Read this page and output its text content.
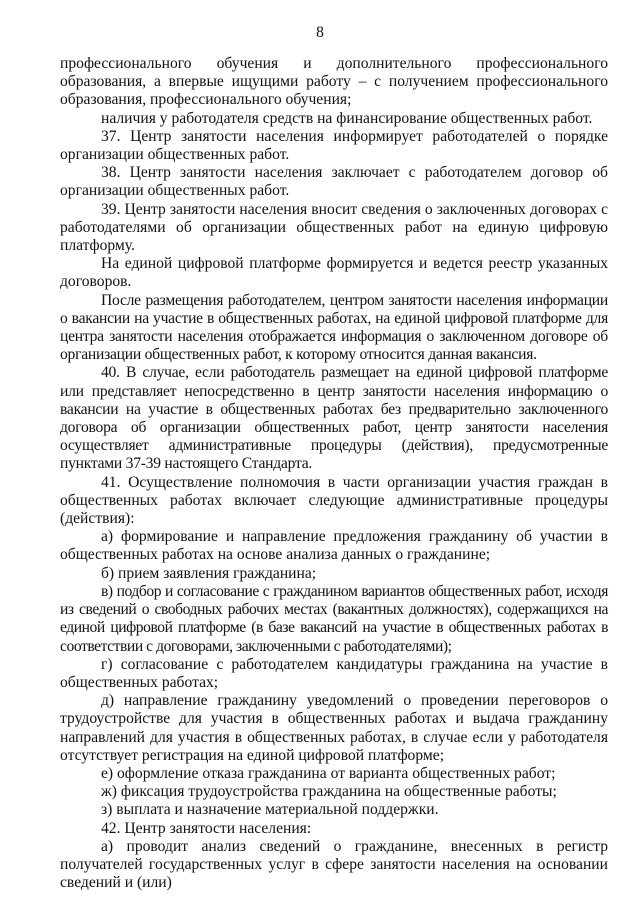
8

профессионального обучения и дополнительного профессионального образования, а впервые ищущими работу – с получением профессионального образования, профессионального обучения;

наличия у работодателя средств на финансирование общественных работ.

37. Центр занятости населения информирует работодателей о порядке организации общественных работ.

38. Центр занятости населения заключает с работодателем договор об организации общественных работ.

39. Центр занятости населения вносит сведения о заключенных договорах с работодателями об организации общественных работ на единую цифровую платформу.

На единой цифровой платформе формируется и ведется реестр указанных договоров.

После размещения работодателем, центром занятости населения информации о вакансии на участие в общественных работах, на единой цифровой платформе для центра занятости населения отображается информация о заключенном договоре об организации общественных работ, к которому относится данная вакансия.

40. В случае, если работодатель размещает на единой цифровой платформе или представляет непосредственно в центр занятости населения информацию о вакансии на участие в общественных работах без предварительно заключенного договора об организации общественных работ, центр занятости населения осуществляет административные процедуры (действия), предусмотренные пунктами 37-39 настоящего Стандарта.

41. Осуществление полномочия в части организации участия граждан в общественных работах включает следующие административные процедуры (действия):

а) формирование и направление предложения гражданину об участии в общественных работах на основе анализа данных о гражданине;

б) прием заявления гражданина;

в) подбор и согласование с гражданином вариантов общественных работ, исходя из сведений о свободных рабочих местах (вакантных должностях), содержащихся на единой цифровой платформе (в базе вакансий на участие в общественных работах в соответствии с договорами, заключенными с работодателями);

г) согласование с работодателем кандидатуры гражданина на участие в общественных работах;

д) направление гражданину уведомлений о проведении переговоров о трудоустройстве для участия в общественных работах и выдача гражданину направлений для участия в общественных работах, в случае если у работодателя отсутствует регистрация на единой цифровой платформе;

е) оформление отказа гражданина от варианта общественных работ;

ж) фиксация трудоустройства гражданина на общественные работы;

з) выплата и назначение материальной поддержки.

42. Центр занятости населения:

а) проводит анализ сведений о гражданине, внесенных в регистр получателей государственных услуг в сфере занятости населения на основании сведений и (или)
